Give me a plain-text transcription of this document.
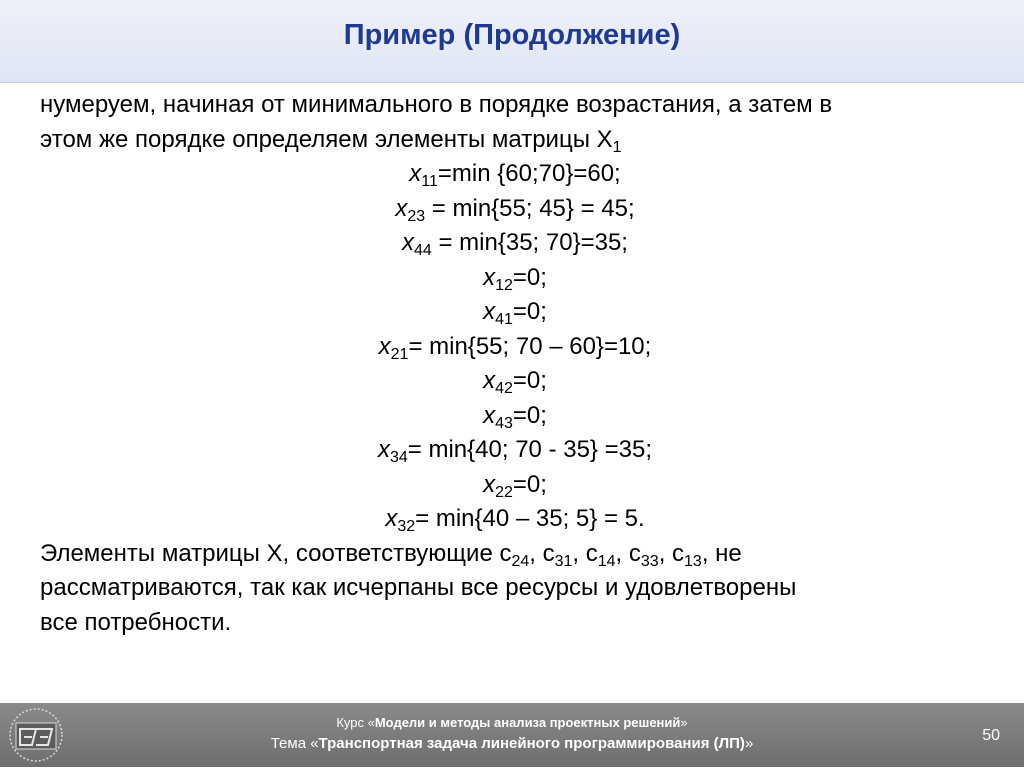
Пример (Продолжение)

нумеруем, начиная от минимального в порядке возрастания, а затем в

этом же порядке определяем элементы матрицы $X_1$

$x_{11}=\min$ {60;70}=60;
$x_{23} = \min\{55$; 45} = 45;
$x_{44} = \min\{35$; 70}=35;
$x_{12}=0$;
$x_{41}=0$;
$x_{21}= \min\{55$; 70 – 60}=10;
$x_{42}=0$;
$x_{43}=0$;
$x_{34}= \min\{40$; 70 - 35} =35;
$x_{22}=0$;
$x_{32}= \min\{40 - 35$; 5} = 5.

Элементы матрицы X, соответствующие $c_{24}$, $c_{31}$, $c_{14}$, $c_{33}$, $c_{13}$, не

рассматриваются, так как исчерпаны все ресурсы и удовлетворены

все потребности.

Курс «Модели и методы анализа проектных решений»
Тема «Транспортная задача линейного программирования (ЛП)»	50
